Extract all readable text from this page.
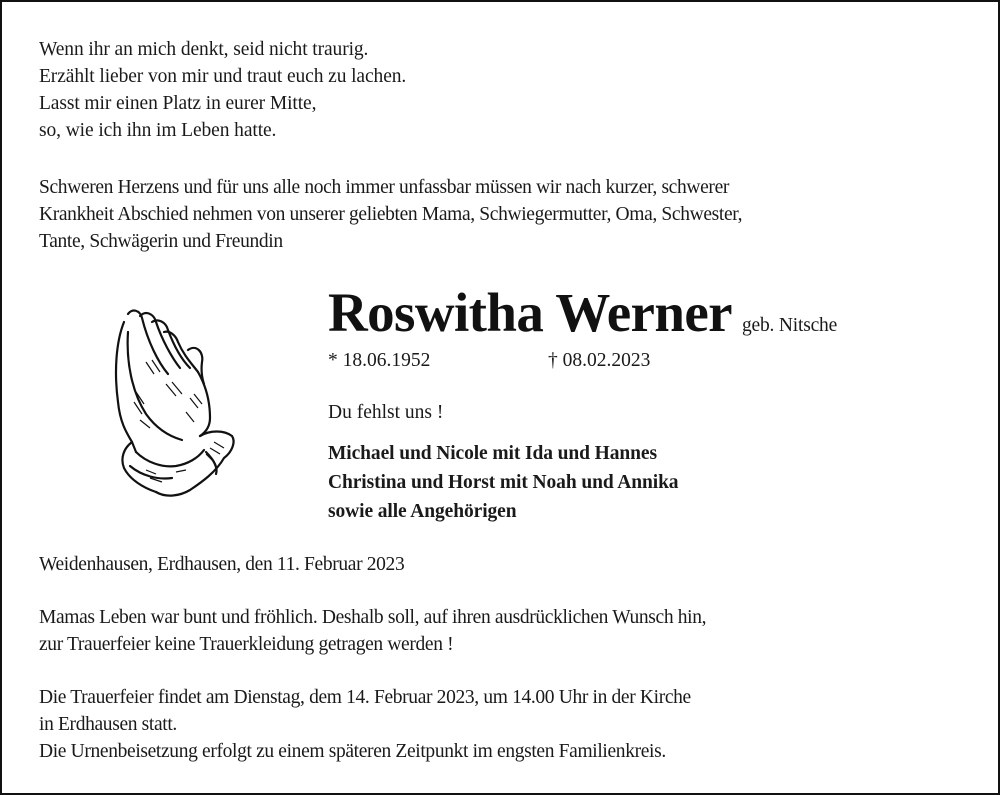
Wenn ihr an mich denkt, seid nicht traurig.
Erzählt lieber von mir und traut euch zu lachen.
Lasst mir einen Platz in eurer Mitte,
so, wie ich ihn im Leben hatte.
Schweren Herzens und für uns alle noch immer unfassbar müssen wir nach kurzer, schwerer
Krankheit Abschied nehmen von unserer geliebten Mama, Schwiegermutter, Oma, Schwester,
Tante, Schwägerin und Freundin
Roswitha Werner geb. Nitsche
* 18.06.1952	† 08.02.2023
Du fehlst uns !
Michael und Nicole mit Ida und Hannes
Christina und Horst mit Noah und Annika
sowie alle Angehörigen
Weidenhausen, Erdhausen, den 11. Februar 2023
Mamas Leben war bunt und fröhlich. Deshalb soll, auf ihren ausdrücklichen Wunsch hin,
zur Trauerfeier keine Trauerkleidung getragen werden !
Die Trauerfeier findet am Dienstag, dem 14. Februar 2023, um 14.00 Uhr in der Kirche
in Erdhausen statt.
Die Urnenbeisetzung erfolgt zu einem späteren Zeitpunkt im engsten Familienkreis.
